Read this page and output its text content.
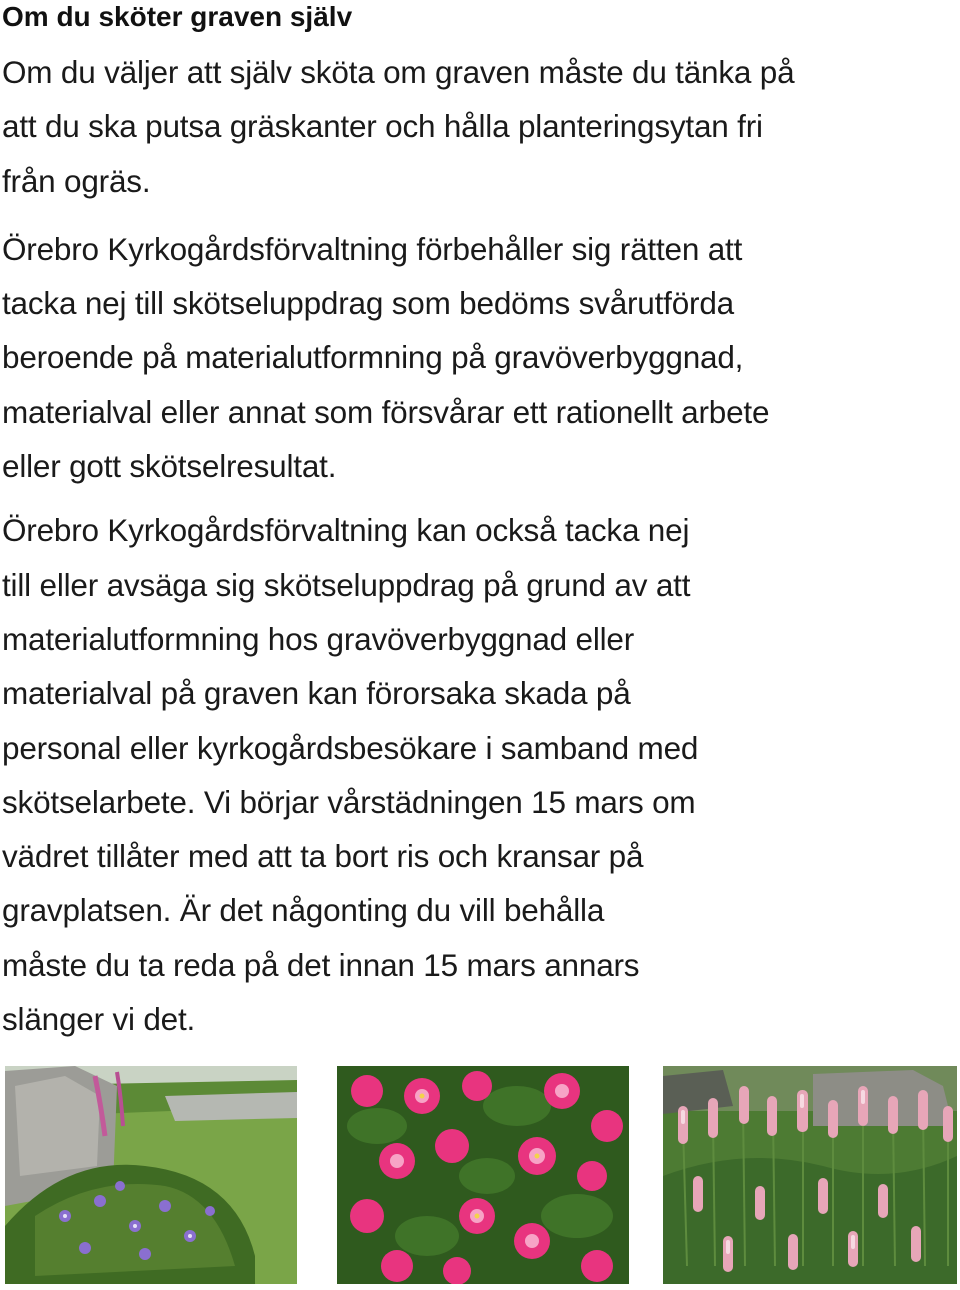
Om du sköter graven själv

Om du väljer att själv sköta om graven måste du tänka på
att du ska putsa gräskanter och hålla planteringsytan fri
från ogräs.

Örebro Kyrkogårdsförvaltning förbehåller sig rätten att
tacka nej till skötseluppdrag som bedöms svårutförda
beroende på materialutformning på gravöverbyggnad,
materialval eller annat som försvårar ett rationellt arbete
eller gott skötselresultat.

Örebro Kyrkogårdsförvaltning kan också tacka nej
till eller avsäga sig skötseluppdrag på grund av att
materialutformning hos gravöverbyggnad eller
materialval på graven kan förorsaka skada på
personal eller kyrkogårdsbesökare i samband med
skötselarbete. Vi börjar vårstädningen 15 mars om
vädret tillåter med att ta bort ris och kransar på
gravplatsen. Är det någonting du vill behålla
måste du ta reda på det innan 15 mars annars
slänger vi det.
